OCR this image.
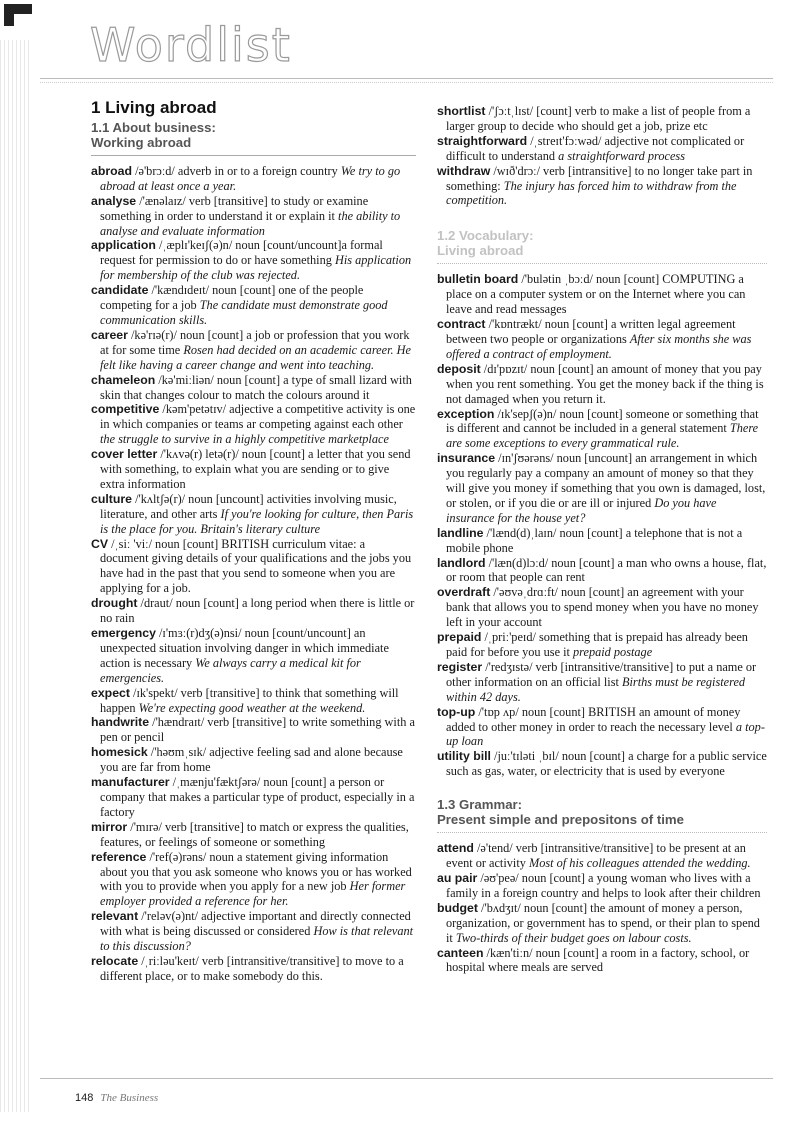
Wordlist
1 Living abroad
1.1 About business:
Working abroad

abroad /ə'brɔːd/ adverb in or to a foreign country We try to go abroad at least once a year.

analyse /'ænəlaɪz/ verb [transitive] to study or examine something in order to understand it or explain it the ability to analyse and evaluate information

application /ˌæplɪ'keɪʃ(ə)n/ noun [count/uncount]a formal request for permission to do or have something His application for membership of the club was rejected.

candidate /'kændɪdeɪt/ noun [count] one of the people competing for a job The candidate must demonstrate good communication skills.

career /kə'rɪə(r)/ noun [count] a job or profession that you work at for some time Rosen had decided on an academic career. He felt like having a career change and went into teaching.

chameleon /kə'miːliən/ noun [count] a type of small lizard with skin that changes colour to match the colours around it

competitive /kəm'petətɪv/ adjective a competitive activity is one in which companies or teams ar competing against each other the struggle to survive in a highly competitive marketplace

cover letter /'kʌvə(r) letə(r)/ noun [count] a letter that you send with something, to explain what you are sending or to give extra information

culture /'kʌltʃə(r)/ noun [uncount] activities involving music, literature, and other arts If you're looking for culture, then Paris is the place for you. Britain's literary culture

CV /ˌsiː 'viː/ noun [count] BRITISH curriculum vitae: a document giving details of your qualifications and the jobs you have had in the past that you send to someone when you are applying for a job.

drought /draut/ noun [count] a long period when there is little or no rain

emergency /ɪ'mɜː(r)dʒ(ə)nsi/ noun [count/uncount] an unexpected situation involving danger in which immediate action is necessary We always carry a medical kit for emergencies.

expect /ɪk'spekt/ verb [transitive] to think that something will happen We're expecting good weather at the weekend.

handwrite /'hændraɪt/ verb [transitive] to write something with a pen or pencil

homesick /'həʊmˌsɪk/ adjective feeling sad and alone because you are far from home

manufacturer /ˌmænju'fæktʃərə/ noun [count] a person or company that makes a particular type of product, especially in a factory

mirror /'mɪrə/ verb [transitive] to match or express the qualities, features, or feelings of someone or something

reference /'ref(ə)rəns/ noun a statement giving information about you that you ask someone who knows you or has worked with you to provide when you apply for a new job Her former employer provided a reference for her.

relevant /'reləv(ə)nt/ adjective important and directly connected with what is being discussed or considered How is that relevant to this discussion?

relocate /ˌriːləu'keɪt/ verb [intransitive/transitive] to move to a different place, or to make somebody do this.

shortlist /'ʃɔːtˌlɪst/ [count] verb to make a list of people from a larger group to decide who should get a job, prize etc

straightforward /ˌstreɪt'fɔːwəd/ adjective not complicated or difficult to understand a straightforward process

withdraw /wɪð'drɔː/ verb [intransitive] to no longer take part in something: The injury has forced him to withdraw from the competition.

1.2 Vocabulary:
Living abroad

bulletin board /'bulətin ˌbɔːd/ noun [count] COMPUTING a place on a computer system or on the Internet where you can leave and read messages

contract /'kɒntrækt/ noun [count] a written legal agreement between two people or organizations After six months she was offered a contract of employment.

deposit /dɪ'pɒzɪt/ noun [count] an amount of money that you pay when you rent something. You get the money back if the thing is not damaged when you return it.

exception /ɪk'sepʃ(ə)n/ noun [count] someone or something that is different and cannot be included in a general statement There are some exceptions to every grammatical rule.

insurance /ɪn'ʃʊərəns/ noun [uncount] an arrangement in which you regularly pay a company an amount of money so that they will give you money if something that you own is damaged, lost, or stolen, or if you die or are ill or injured Do you have insurance for the house yet?

landline /'lænd(d)ˌlaɪn/ noun [count] a telephone that is not a mobile phone

landlord /'læn(d)lɔːd/ noun [count] a man who owns a house, flat, or room that people can rent

overdraft /'əʊvəˌdrɑːft/ noun [count] an agreement with your bank that allows you to spend money when you have no money left in your account

prepaid /ˌpriː'peɪd/ something that is prepaid has already been paid for before you use it prepaid postage

register /'redʒɪstə/ verb [intransitive/transitive] to put a name or other information on an official list Births must be registered within 42 days.

top-up /'tɒp ʌp/ noun [count] BRITISH an amount of money added to other money in order to reach the necessary level a top-up loan

utility bill /juː'tɪləti ˌbɪl/ noun [count] a charge for a public service such as gas, water, or electricity that is used by everyone

1.3 Grammar:
Present simple and prepositons of time

attend /ə'tend/ verb [intransitive/transitive] to be present at an event or activity Most of his colleagues attended the wedding.

au pair /əʊ'peə/ noun [count] a young woman who lives with a family in a foreign country and helps to look after their children

budget /'bʌdʒɪt/ noun [count] the amount of money a person, organization, or government has to spend, or their plan to spend it Two-thirds of their budget goes on labour costs.

canteen /kæn'tiːn/ noun [count] a room in a factory, school, or hospital where meals are served

148 The Business
